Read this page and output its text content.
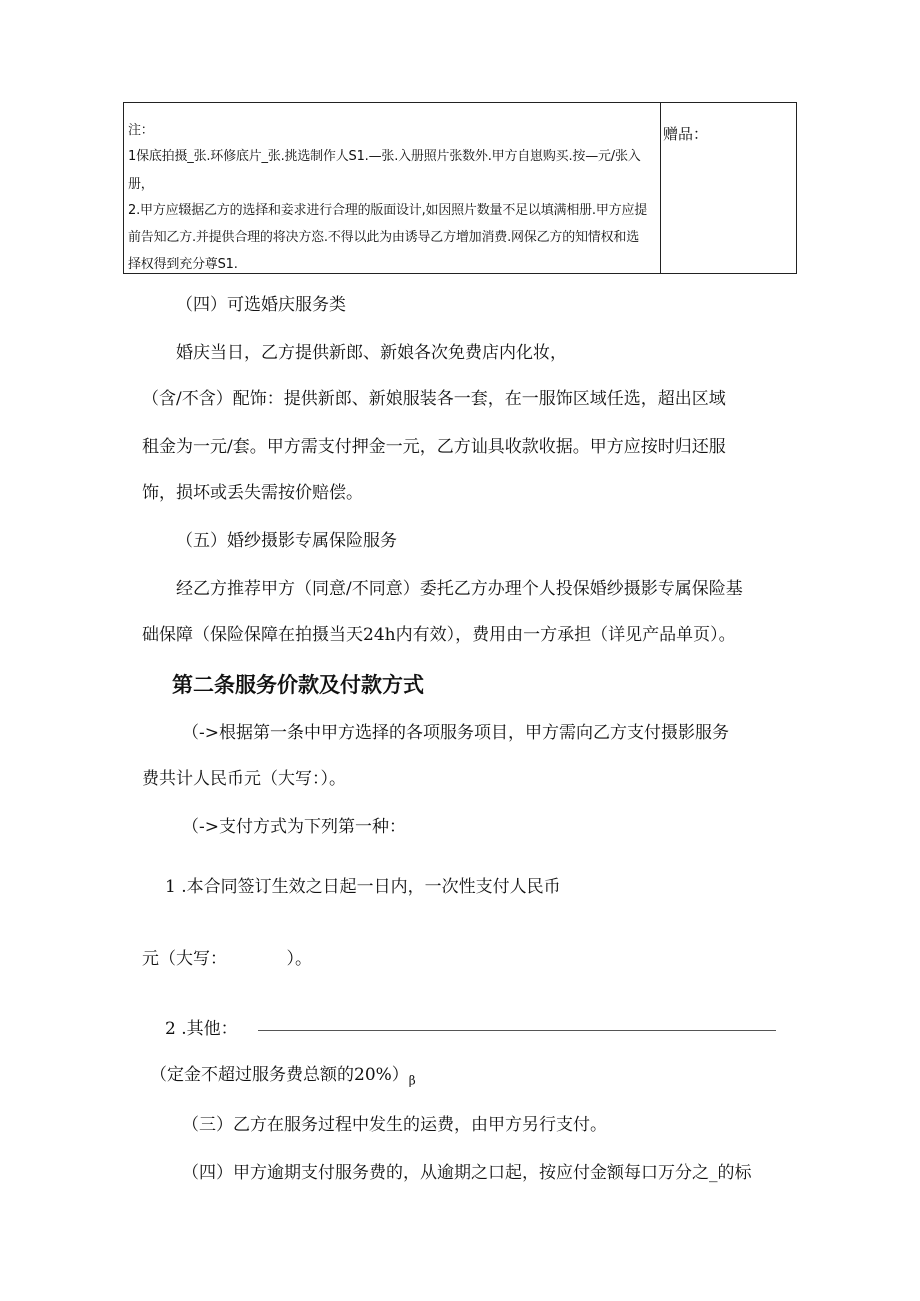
注：
1保底拍摄_张.环修底片_张.挑选制作人S1.—张.入册照片张数外.甲方自崽购买.按—元/张入
册，
2.甲方应辍据乙方的选择和妾求进行合理的版面设计,如因照片数量不足以填满相册.甲方应提
前告知乙方.并提供合理的将决方恣.不得以此为由诱导乙方增加消费.网保乙方的知情权和选
择权得到充分尊S1.
赠品：
（四）可选婚庆服务类
婚庆当日，乙方提供新郎、新娘各次免费店内化妆，
（含/不含）配饰：提供新郎、新娘服装各一套，在一服饰区域任选，超出区域
租金为一元/套。甲方需支付押金一元，乙方讪具收款收据。甲方应按时归还服
饰，损坏或丢失需按价赔偿。
（五）婚纱摄影专属保险服务
经乙方推荐甲方（同意/不同意）委托乙方办理个人投保婚纱摄影专属保险基
础保障（保险保障在拍摄当天24h内有效），费用由一方承担（详见产品单页）。
第二条服务价款及付款方式
（->根据第一条中甲方选择的各项服务项目，甲方需向乙方支付摄影服务
费共计人民币元（大写：）。
（->支付方式为下列第一种：
1 .本合同签订生效之日起一日内，一次性支付人民币
元（大写：　　　　）。
2 .其他：
（定金不超过服务费总额的$20\%)_\beta$
（三）乙方在服务过程中发生的运费，由甲方另行支付。
（四）甲方逾期支付服务费的，从逾期之口起，按应付金额每口万分之_的标
